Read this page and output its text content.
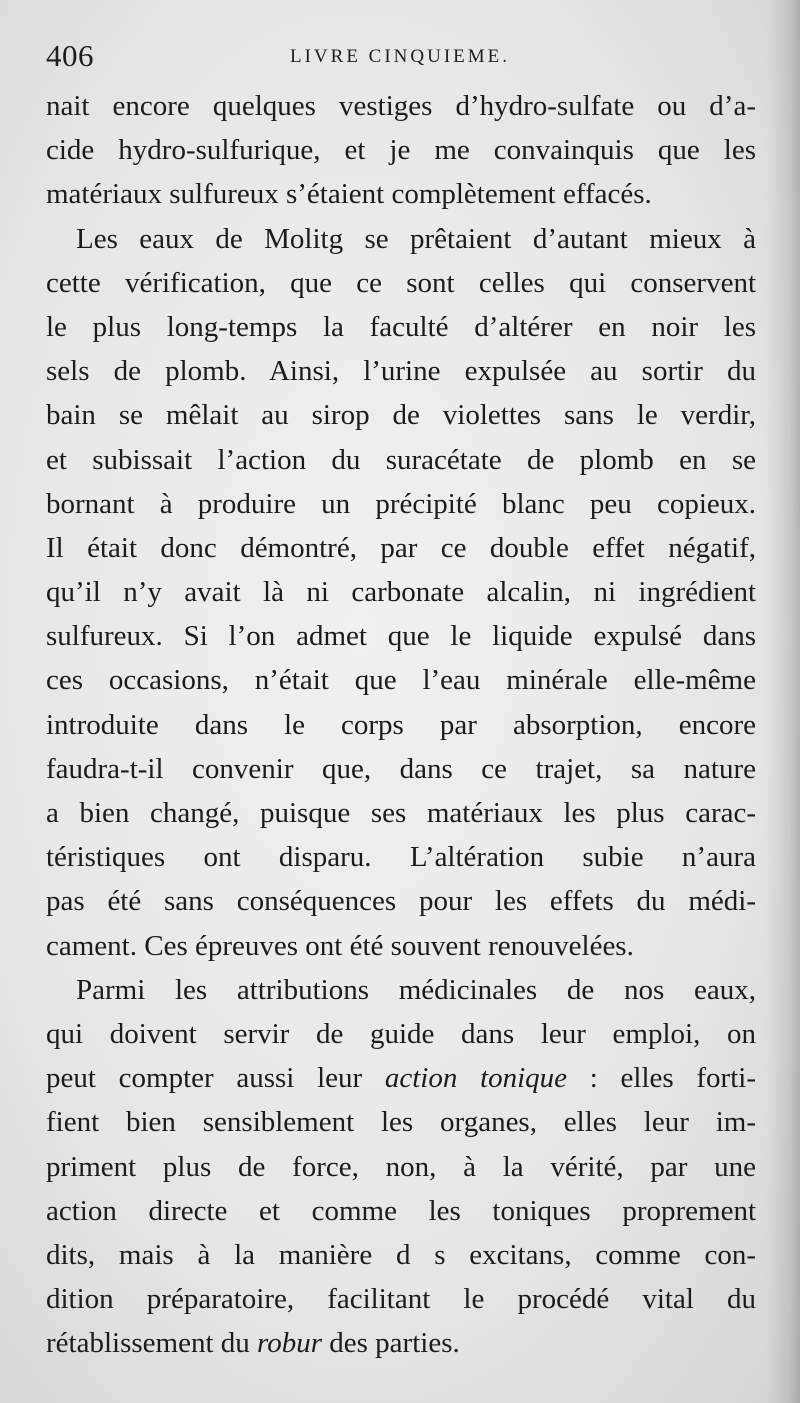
406	LIVRE CINQUIEME.
nait encore quelques vestiges d’hydro-sulfate ou d’a-
cide hydro-sulfurique, et je me convainquis que les
matériaux sulfureux s’étaient complètement effacés.
Les eaux de Molitg se prêtaient d’autant mieux à
cette vérification, que ce sont celles qui conservent
le plus long-temps la faculté d’altérer en noir les
sels de plomb. Ainsi, l’urine expulsée au sortir du
bain se mêlait au sirop de violettes sans le verdir,
et subissait l’action du suracétate de plomb en se
bornant à produire un précipité blanc peu copieux.
Il était donc démontré, par ce double effet négatif,
qu’il n’y avait là ni carbonate alcalin, ni ingrédient
sulfureux. Si l’on admet que le liquide expulsé dans
ces occasions, n’était que l’eau minérale elle-même
introduite dans le corps par absorption, encore
faudra-t-il convenir que, dans ce trajet, sa nature
a bien changé, puisque ses matériaux les plus carac-
téristiques ont disparu. L’altération subie n’aura
pas été sans conséquences pour les effets du médi-
cament. Ces épreuves ont été souvent renouvelées.
Parmi les attributions médicinales de nos eaux,
qui doivent servir de guide dans leur emploi, on
peut compter aussi leur action tonique : elles forti-
fient bien sensiblement les organes, elles leur im-
priment plus de force, non, à la vérité, par une
action directe et comme les toniques proprement
dits, mais à la manière d s excitans, comme con-
dition préparatoire, facilitant le procédé vital du
rétablissement du robur des parties.
